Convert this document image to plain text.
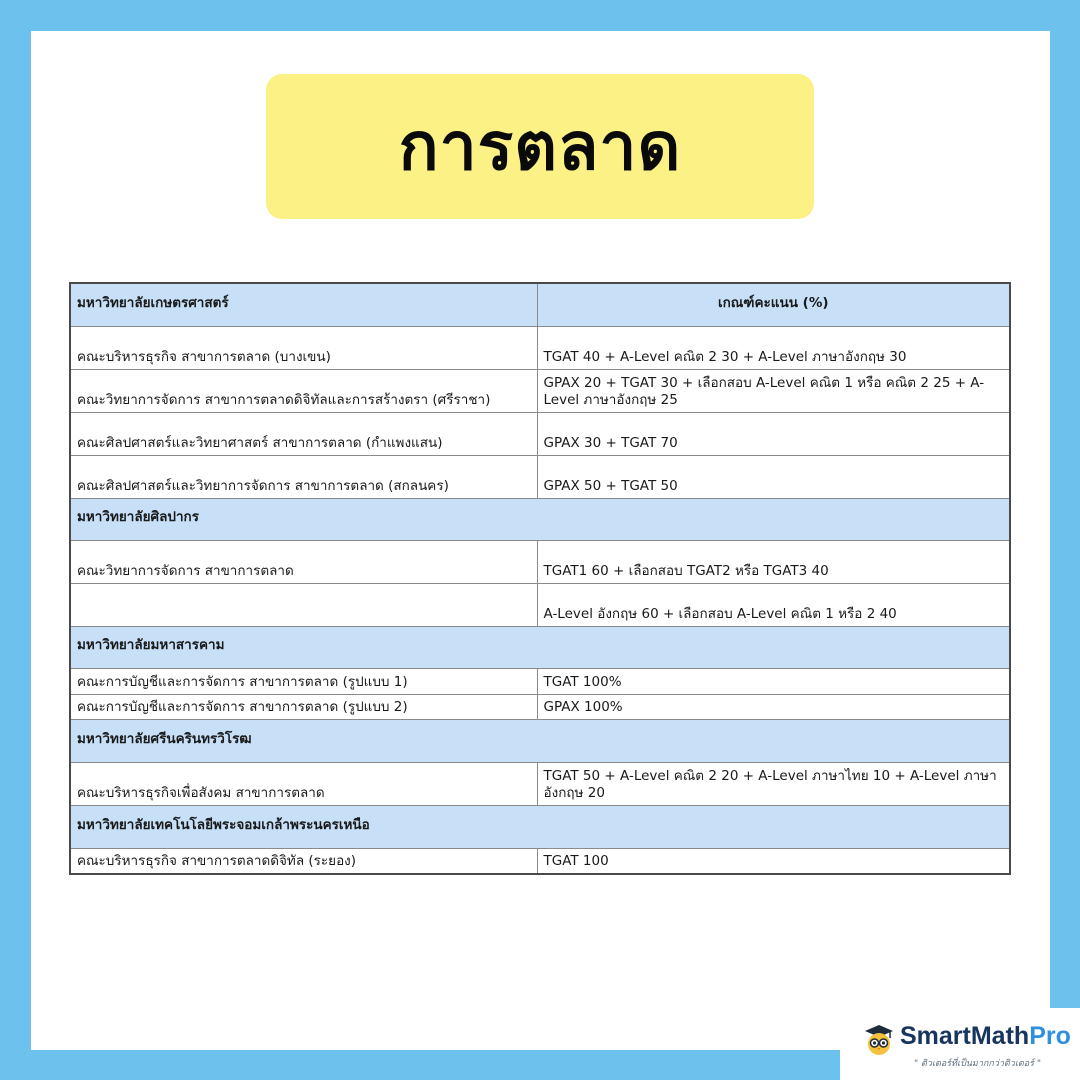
การตลาด
มหาวิทยาลัยเกษตรศาสตร์	เกณฑ์คะแนน (%)
คณะบริหารธุรกิจ สาขาการตลาด (บางเขน)	TGAT 40 + A-Level คณิต 2 30 + A-Level ภาษาอังกฤษ 30
คณะวิทยาการจัดการ สาขาการตลาดดิจิทัลและการสร้างตรา (ศรีราชา)	GPAX 20 + TGAT 30 + เลือกสอบ A-Level คณิต 1 หรือ คณิต 2 25 + A-Level ภาษาอังกฤษ 25
คณะศิลปศาสตร์และวิทยาศาสตร์ สาขาการตลาด (กำแพงแสน)	GPAX 30 + TGAT 70
คณะศิลปศาสตร์และวิทยาการจัดการ สาขาการตลาด (สกลนคร)	GPAX 50 + TGAT 50
มหาวิทยาลัยศิลปากร	
คณะวิทยาการจัดการ สาขาการตลาด	TGAT1 60 + เลือกสอบ TGAT2 หรือ TGAT3 40
	A-Level อังกฤษ 60 + เลือกสอบ A-Level คณิต 1 หรือ 2 40
มหาวิทยาลัยมหาสารคาม	
คณะการบัญชีและการจัดการ สาขาการตลาด (รูปแบบ 1)	TGAT 100%
คณะการบัญชีและการจัดการ สาขาการตลาด (รูปแบบ 2)	GPAX 100%
มหาวิทยาลัยศรีนครินทรวิโรฒ	
คณะบริหารธุรกิจเพื่อสังคม สาขาการตลาด	TGAT 50 + A-Level คณิต 2 20 + A-Level ภาษาไทย 10 + A-Level ภาษาอังกฤษ 20
มหาวิทยาลัยเทคโนโลยีพระจอมเกล้าพระนครเหนือ	
คณะบริหารธุรกิจ สาขาการตลาดดิจิทัล (ระยอง)	TGAT 100
SmartMathPro
" ติวเตอร์ที่เป็นมากกว่าติวเตอร์ "
